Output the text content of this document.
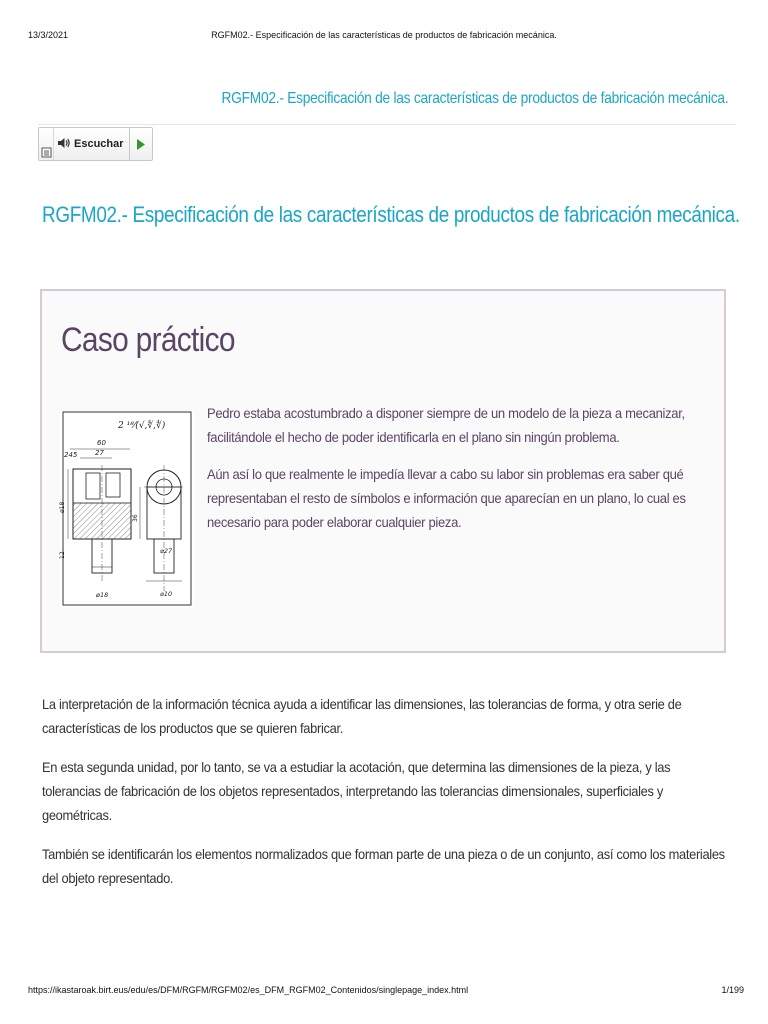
13/3/2021	RGFM02.- Especificación de las características de productos de fabricación mecánica.
RGFM02.- Especificación de las características de productos de fabricación mecánica.
Escuchar
RGFM02.- Especificación de las características de productos de fabricación mecánica.
Caso práctico
2 ¹⁸⁄(√,∜,∜)
60
27
245
ø18
12
36
⌀27
⌀10
ø18

Pedro estaba acostumbrado a disponer siempre de un modelo de la pieza a mecanizar, facilitándole el hecho de poder identificarla en el plano sin ningún problema.

Aún así lo que realmente le impedía llevar a cabo su labor sin problemas era saber qué representaban el resto de símbolos e información que aparecían en un plano, lo cual es necesario para poder elaborar cualquier pieza.

La interpretación de la información técnica ayuda a identificar las dimensiones, las tolerancias de forma, y otra serie de características de los productos que se quieren fabricar.

En esta segunda unidad, por lo tanto, se va a estudiar la acotación, que determina las dimensiones de la pieza, y las tolerancias de fabricación de los objetos representados, interpretando las tolerancias dimensionales, superficiales y geométricas.

También se identificarán los elementos normalizados que forman parte de una pieza o de un conjunto, así como los materiales del objeto representado.

https://ikastaroak.birt.eus/edu/es/DFM/RGFM/RGFM02/es_DFM_RGFM02_Contenidos/singlepage_index.html	1/199
